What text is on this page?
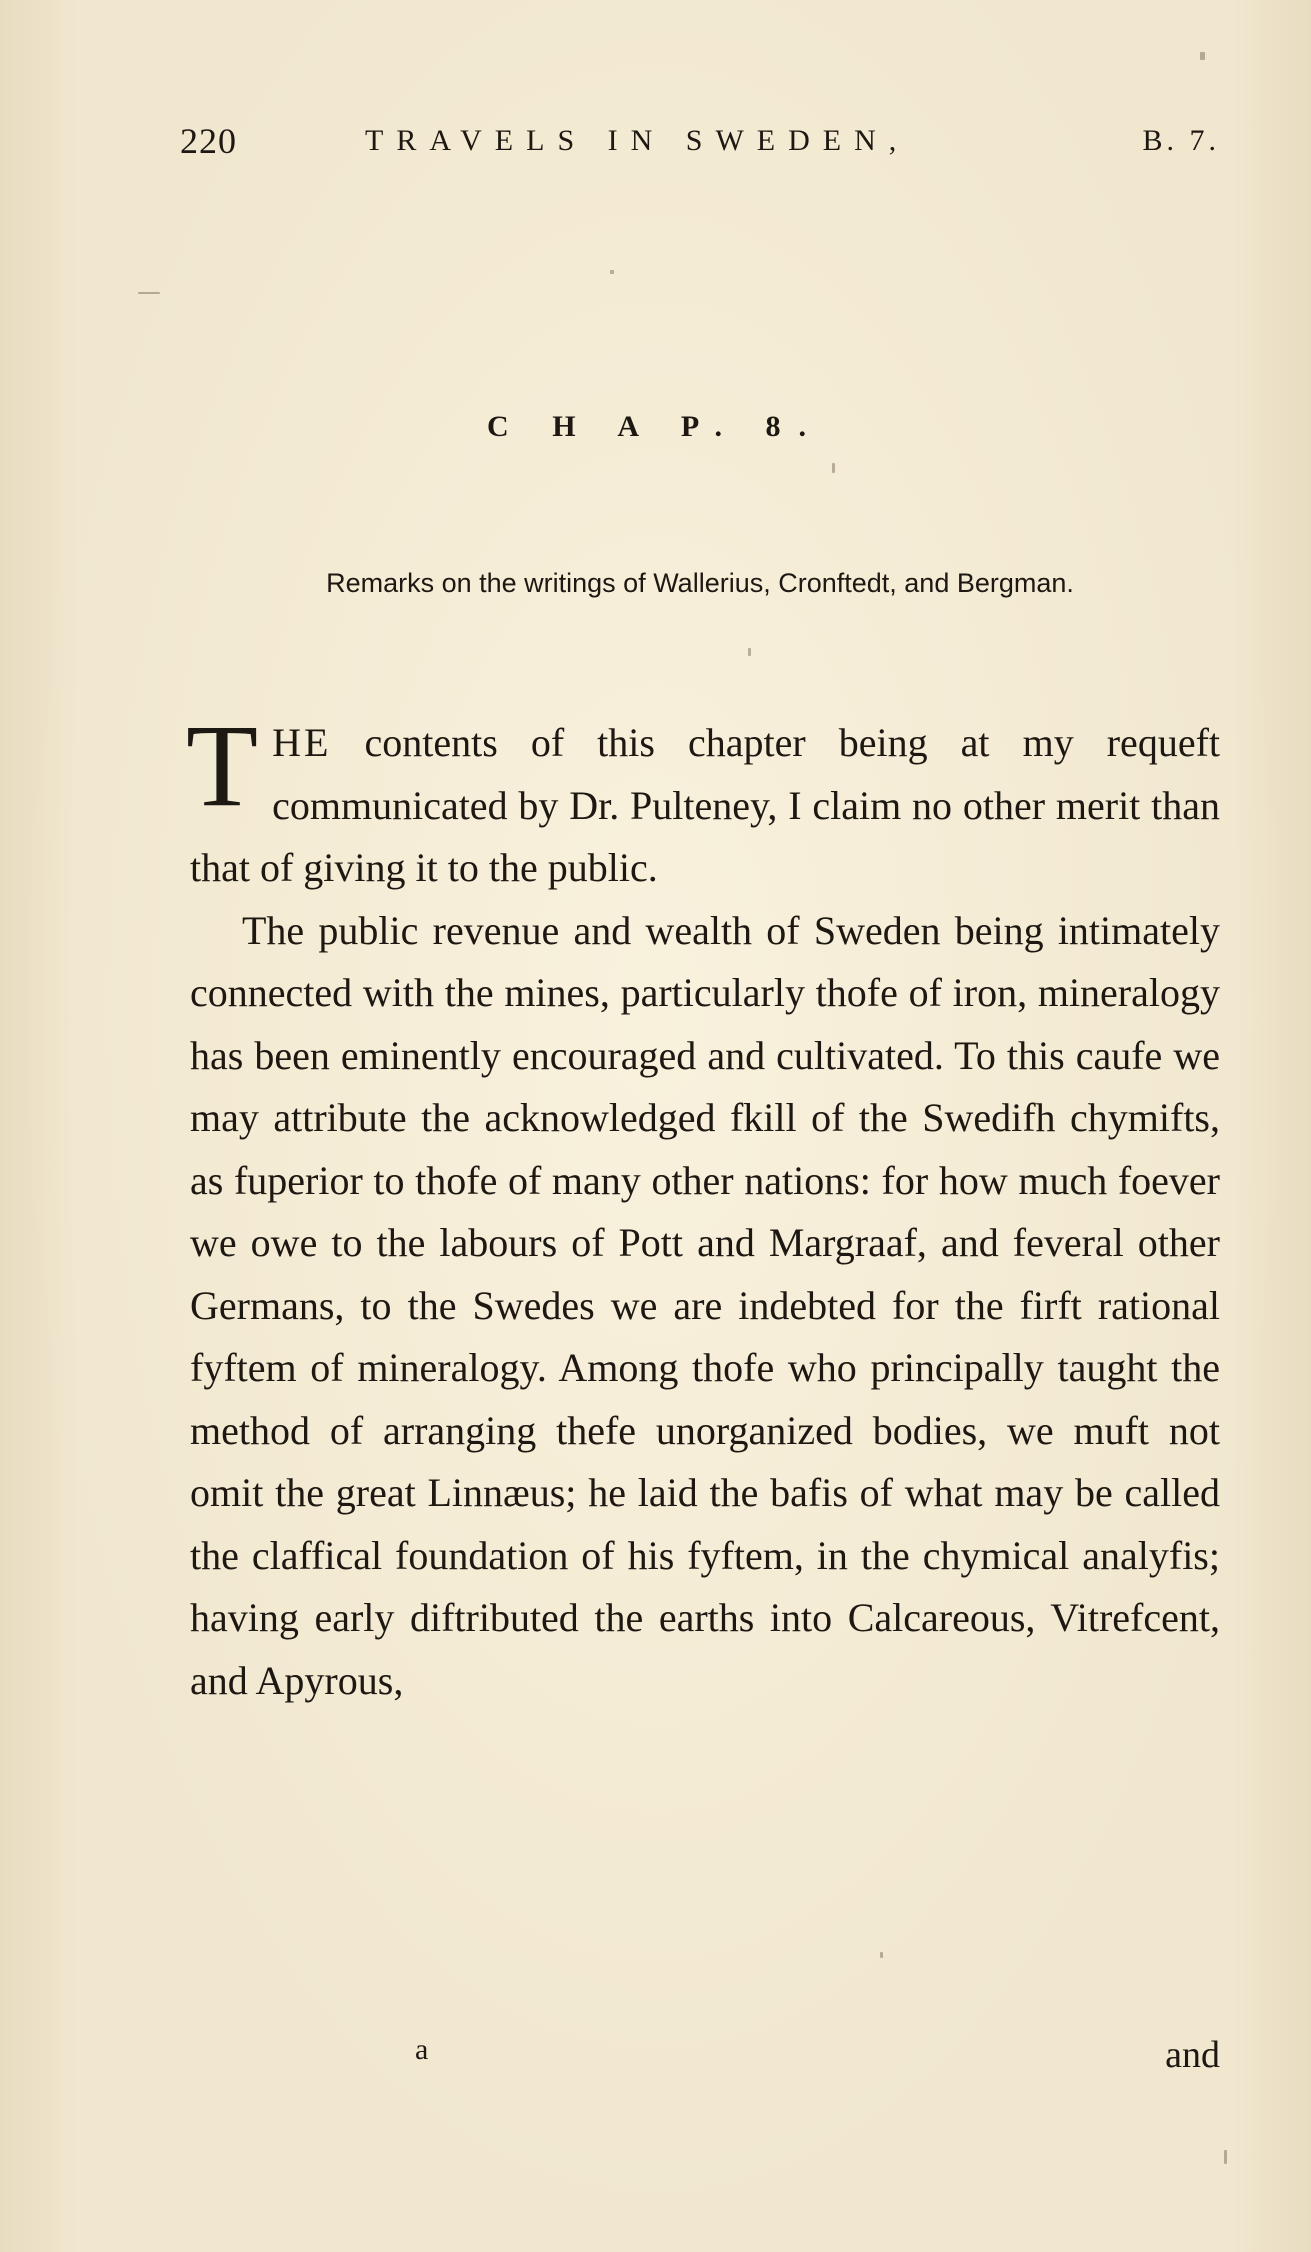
220	TRAVELS IN SWEDEN,	B. 7.
C H A P. 8.
Remarks on the writings of Wallerius, Cronftedt, and Bergman.

THE contents of this chapter being at my requeft communicated by Dr. Pulteney, I claim no other merit than that of giving it to the public.

The public revenue and wealth of Sweden being intimately connected with the mines, particularly thofe of iron, mineralogy has been eminently encouraged and cultivated. To this caufe we may attribute the acknowledged fkill of the Swedifh chymifts, as fuperior to thofe of many other nations: for how much foever we owe to the labours of Pott and Margraaf, and feveral other Germans, to the Swedes we are indebted for the firft rational fyftem of mineralogy. Among thofe who principally taught the method of arranging thefe unorganized bodies, we muft not omit the great Linnæus; he laid the bafis of what may be called the claffical foundation of his fyftem, in the chymical analyfis; having early diftributed the earths into Calcareous, Vitrefcent, and Apyrous,

a	and
